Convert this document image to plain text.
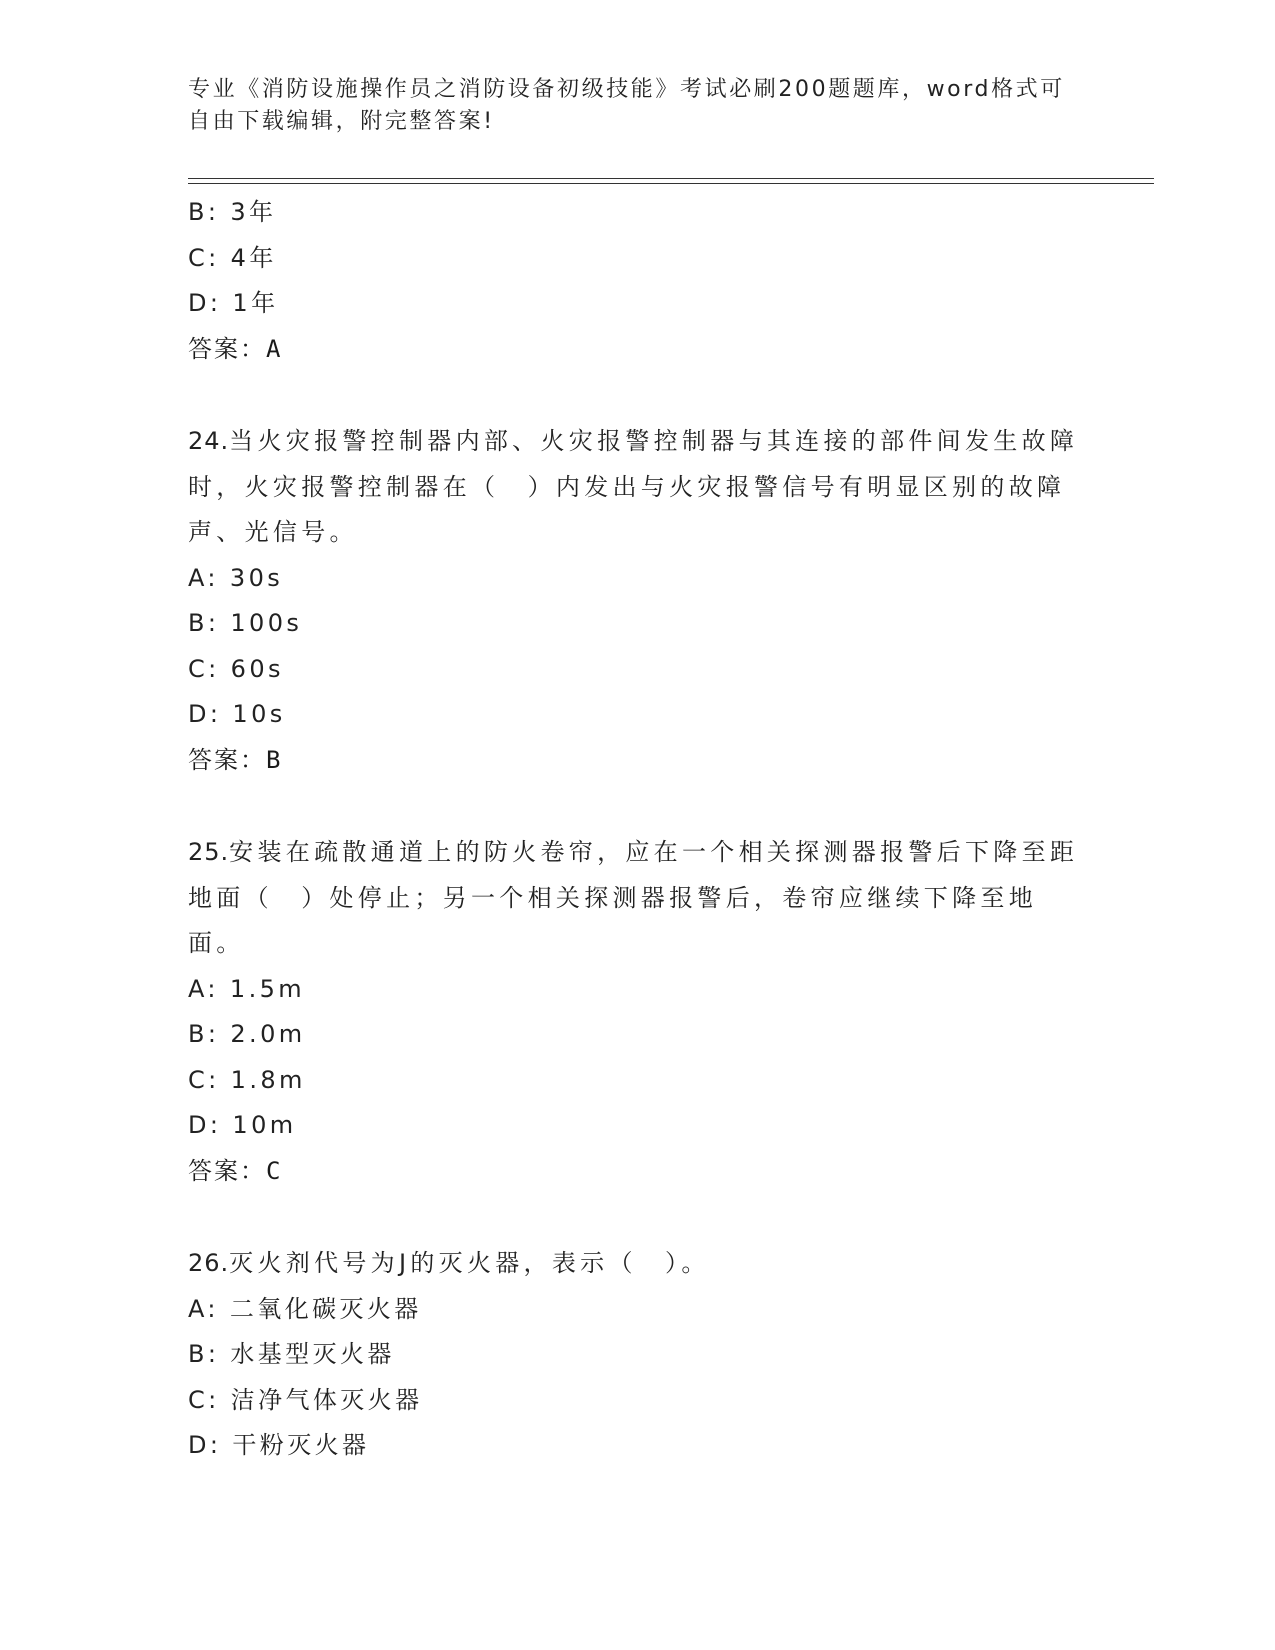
专业《消防设施操作员之消防设备初级技能》考试必刷200题题库，word格式可
自由下载编辑，附完整答案!
B: 3年
C: 4年
D: 1年
答案：A
24.当火灾报警控制器内部、火灾报警控制器与其连接的部件间发生故障时，火灾报警控制器在（　）内发出与火灾报警信号有明显区别的故障声、光信号。
A: 30s
B: 100s
C: 60s
D: 10s
答案：B
25.安装在疏散通道上的防火卷帘，应在一个相关探测器报警后下降至距地面（　）处停止；另一个相关探测器报警后，卷帘应继续下降至地面。
A: 1.5m
B: 2.0m
C: 1.8m
D: 10m
答案：C
26.灭火剂代号为J的灭火器，表示（　）。
A: 二氧化碳灭火器
B: 水基型灭火器
C: 洁净气体灭火器
D: 干粉灭火器
